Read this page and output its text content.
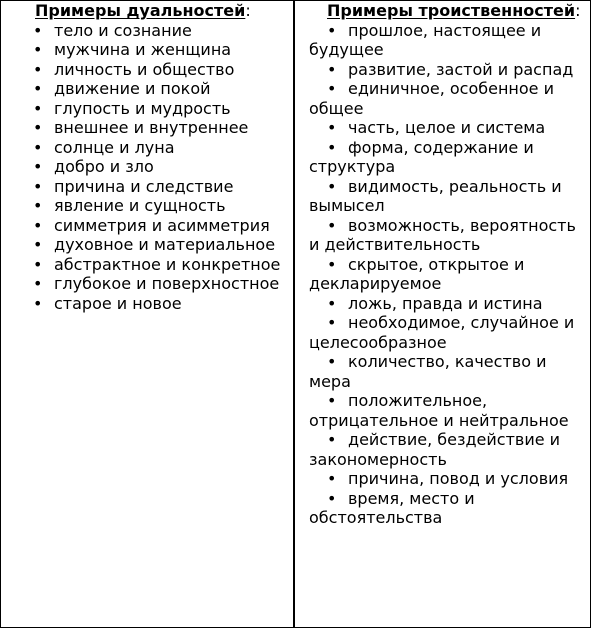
Примеры дуальностей:

• тело и сознание
• мужчина и женщина
• личность и общество
• движение и покой
• глупость и мудрость
• внешнее и внутреннее
• солнце и луна
• добро и зло
• причина и следствие
• явление и сущность
• симметрия и асимметрия
• духовное и материальное
• абстрактное и конкретное
• глубокое и поверхностное
• старое и новое

Примеры троиственностей:

• прошлое, настоящее и будущее
• развитие, застой и распад
• единичное, особенное и общее
• часть, целое и система
• форма, содержание и структура
• видимость, реальность и вымысел
• возможность, вероятность и действительность
• скрытое, открытое и декларируемое
• ложь, правда и истина
• необходимое, случайное и целесообразное
• количество, качество и мера
• положительное, отрицательное и нейтральное
• действие, бездействие и закономерность
• причина, повод и условия
• время, место и обстоятельства
